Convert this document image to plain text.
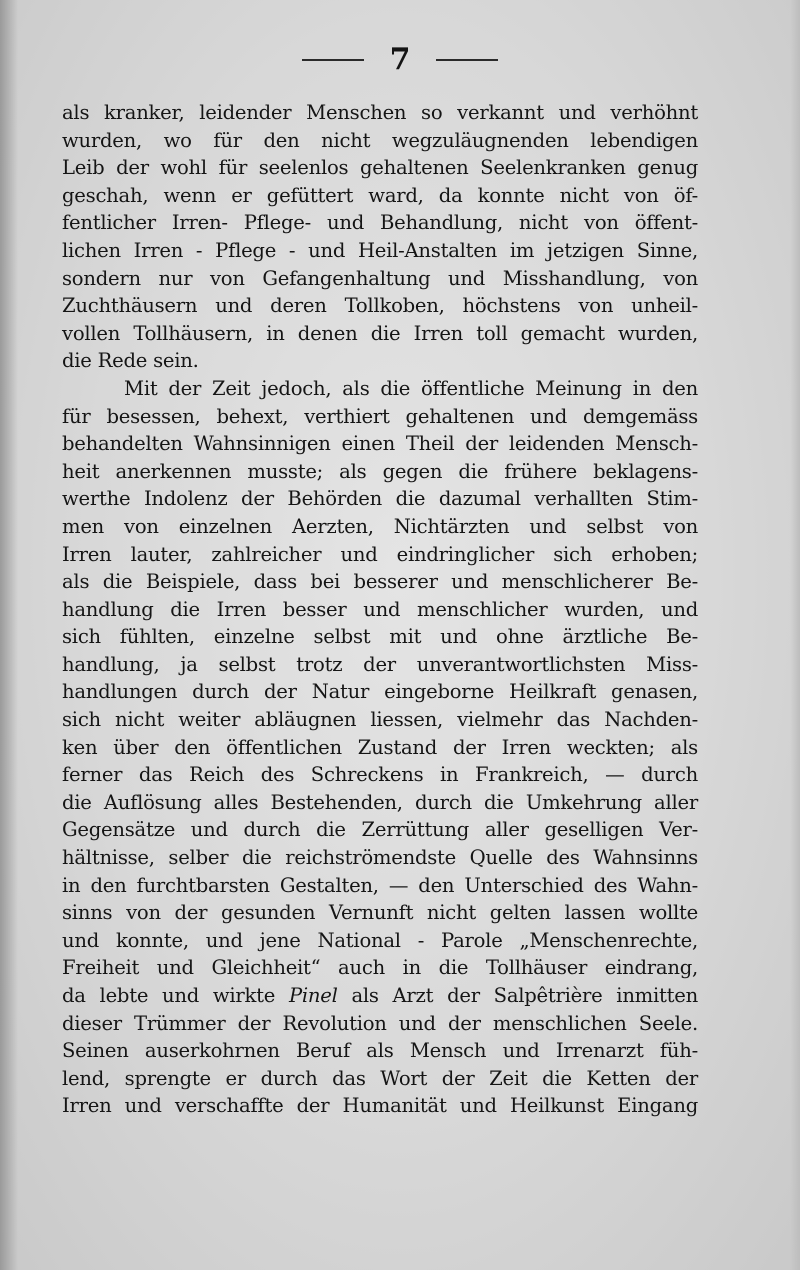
7
als kranker, leidender Menschen so verkannt und verhöhnt
wurden, wo für den nicht wegzuläugnenden lebendigen
Leib der wohl für seelenlos gehaltenen Seelenkranken genug
geschah, wenn er gefüttert ward, da konnte nicht von öf-
fentlicher Irren- Pflege- und Behandlung, nicht von öffent-
lichen Irren - Pflege - und Heil-Anstalten im jetzigen Sinne,
sondern nur von Gefangenhaltung und Misshandlung, von
Zuchthäusern und deren Tollkoben, höchstens von unheil-
vollen Tollhäusern, in denen die Irren toll gemacht wurden,
die Rede sein.
Mit der Zeit jedoch, als die öffentliche Meinung in den
für besessen, behext, verthiert gehaltenen und demgemäss
behandelten Wahnsinnigen einen Theil der leidenden Mensch-
heit anerkennen musste; als gegen die frühere beklagens-
werthe Indolenz der Behörden die dazumal verhallten Stim-
men von einzelnen Aerzten, Nichtärzten und selbst von
Irren lauter, zahlreicher und eindringlicher sich erhoben;
als die Beispiele, dass bei besserer und menschlicherer Be-
handlung die Irren besser und menschlicher wurden, und
sich fühlten, einzelne selbst mit und ohne ärztliche Be-
handlung, ja selbst trotz der unverantwortlichsten Miss-
handlungen durch der Natur eingeborne Heilkraft genasen,
sich nicht weiter abläugnen liessen, vielmehr das Nachden-
ken über den öffentlichen Zustand der Irren weckten; als
ferner das Reich des Schreckens in Frankreich, — durch
die Auflösung alles Bestehenden, durch die Umkehrung aller
Gegensätze und durch die Zerrüttung aller geselligen Ver-
hältnisse, selber die reichströmendste Quelle des Wahnsinns
in den furchtbarsten Gestalten, — den Unterschied des Wahn-
sinns von der gesunden Vernunft nicht gelten lassen wollte
und konnte, und jene National - Parole „Menschenrechte,
Freiheit und Gleichheit“ auch in die Tollhäuser eindrang,
da lebte und wirkte Pinel als Arzt der Salpêtrière inmitten
dieser Trümmer der Revolution und der menschlichen Seele.
Seinen auserkohrnen Beruf als Mensch und Irrenarzt füh-
lend, sprengte er durch das Wort der Zeit die Ketten der
Irren und verschaffte der Humanität und Heilkunst Eingang
